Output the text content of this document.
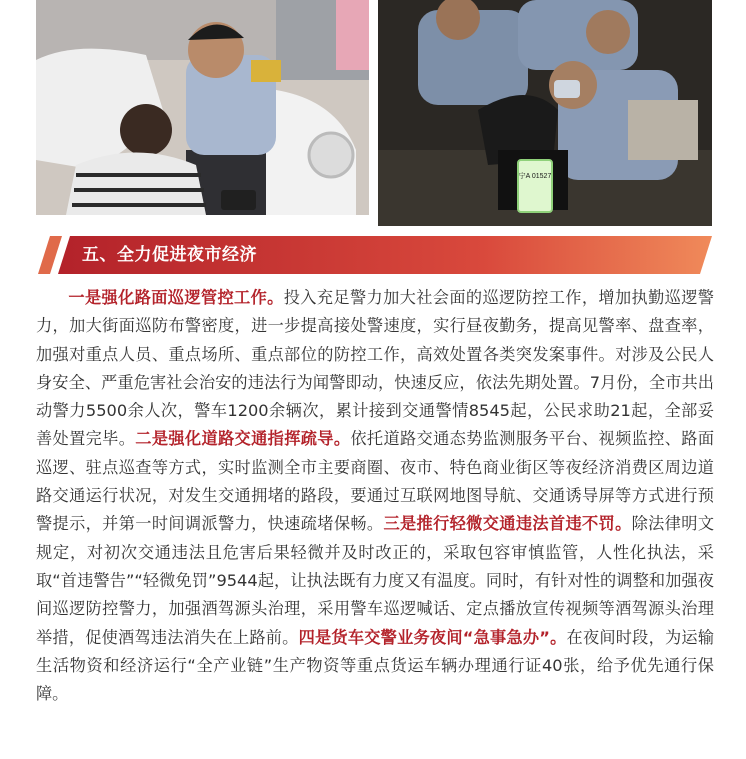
宁A 01527
五、全力促进夜市经济

一是强化路面巡逻管控工作。投入充足警力加大社会面的巡逻防控工作，增加执勤巡逻警力，加大街面巡防布警密度，进一步提高接处警速度，实行昼夜勤务，提高见警率、盘查率，加强对重点人员、重点场所、重点部位的防控工作，高效处置各类突发案事件。对涉及公民人身安全、严重危害社会治安的违法行为闻警即动，快速反应，依法先期处置。7月份，全市共出动警力5500余人次，警车1200余辆次，累计接到交通警情8545起，公民求助21起，全部妥善处置完毕。二是强化道路交通指挥疏导。依托道路交通态势监测服务平台、视频监控、路面巡逻、驻点巡查等方式，实时监测全市主要商圈、夜市、特色商业街区等夜经济消费区周边道路交通运行状况，对发生交通拥堵的路段，要通过互联网地图导航、交通诱导屏等方式进行预警提示，并第一时间调派警力，快速疏堵保畅。三是推行轻微交通违法首违不罚。除法律明文规定，对初次交通违法且危害后果轻微并及时改正的，采取包容审慎监管，人性化执法，采取“首违警告”“轻微免罚”9544起，让执法既有力度又有温度。同时，有针对性的调整和加强夜间巡逻防控警力，加强酒驾源头治理，采用警车巡逻喊话、定点播放宣传视频等酒驾源头治理举措，促使酒驾违法消失在上路前。四是货车交警业务夜间“急事急办”。在夜间时段，为运输生活物资和经济运行“全产业链”生产物资等重点货运车辆办理通行证40张，给予优先通行保障。
